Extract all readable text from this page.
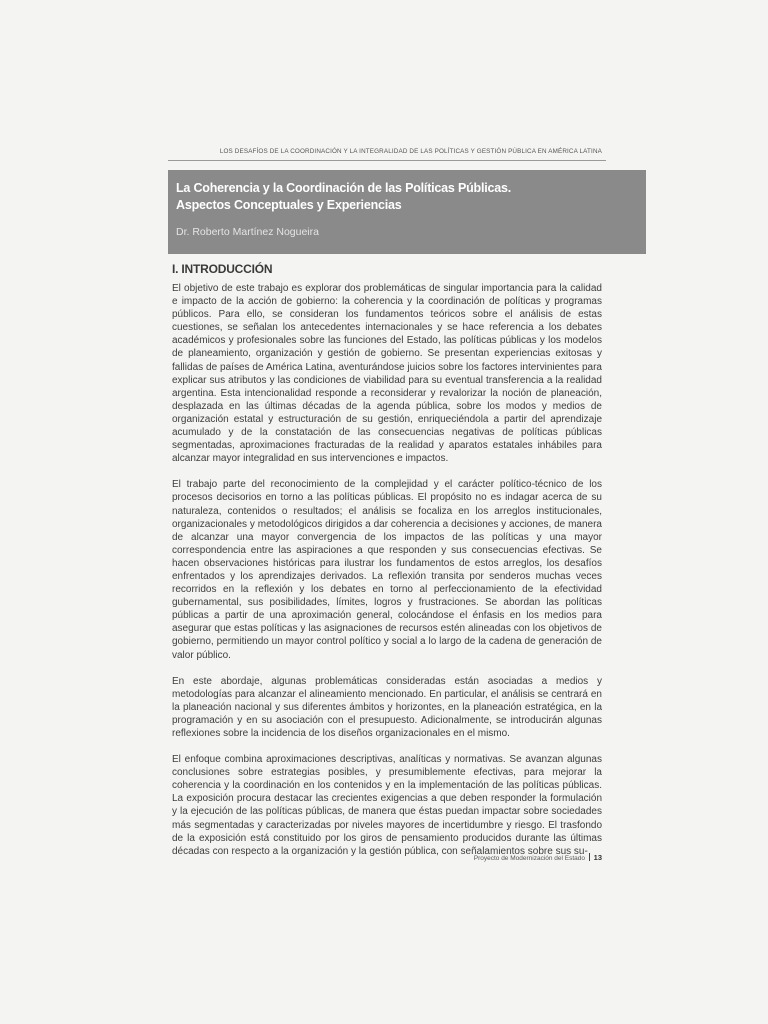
LOS DESAFÍOS DE LA COORDINACIÓN Y LA INTEGRALIDAD DE LAS POLÍTICAS Y GESTIÓN PÚBLICA EN AMÉRICA LATINA
La Coherencia y la Coordinación de las Políticas Públicas.
Aspectos Conceptuales y Experiencias
Dr. Roberto Martínez Nogueira
I. INTRODUCCIÓN

El objetivo de este trabajo es explorar dos problemáticas de singular importancia para la calidad e impacto de la acción de gobierno: la coherencia y la coordinación de políticas y programas públicos. Para ello, se consideran los fundamentos teóricos sobre el análisis de estas cuestiones, se señalan los antecedentes internacionales y se hace referencia a los debates académicos y profesionales sobre las funciones del Estado, las políticas públicas y los modelos de planeamiento, organización y gestión de gobierno. Se presentan experiencias exitosas y fallidas de países de América Latina, aventurándose juicios sobre los factores intervinientes para explicar sus atributos y las condiciones de viabilidad para su eventual transferencia a la realidad argentina. Esta intencionalidad responde a reconsiderar y revalorizar la noción de planeación, desplazada en las últimas décadas de la agenda pública, sobre los modos y medios de organización estatal y estructuración de su gestión, enriqueciéndola a partir del aprendizaje acumulado y de la constatación de las consecuencias negativas de políticas públicas segmentadas, aproximaciones fracturadas de la realidad y aparatos estatales inhábiles para alcanzar mayor integralidad en sus intervenciones e impactos.

El trabajo parte del reconocimiento de la complejidad y el carácter político-técnico de los procesos decisorios en torno a las políticas públicas. El propósito no es indagar acerca de su naturaleza, contenidos o resultados; el análisis se focaliza en los arreglos institucionales, organizacionales y metodológicos dirigidos a dar coherencia a decisiones y acciones, de manera de alcanzar una mayor convergencia de los impactos de las políticas y una mayor correspondencia entre las aspiraciones a que responden y sus consecuencias efectivas. Se hacen observaciones históricas para ilustrar los fundamentos de estos arreglos, los desafíos enfrentados y los aprendizajes derivados. La reflexión transita por senderos muchas veces recorridos en la reflexión y los debates en torno al perfeccionamiento de la efectividad gubernamental, sus posibilidades, límites, logros y frustraciones. Se abordan las políticas públicas a partir de una aproximación general, colocándose el énfasis en los medios para asegurar que estas políticas y las asignaciones de recursos estén alineadas con los objetivos de gobierno, permitiendo un mayor control político y social a lo largo de la cadena de generación de valor público.

En este abordaje, algunas problemáticas consideradas están asociadas a medios y metodologías para alcanzar el alineamiento mencionado. En particular, el análisis se centrará en la planeación nacional y sus diferentes ámbitos y horizontes, en la planeación estratégica, en la programación y en su asociación con el presupuesto. Adicionalmente, se introducirán algunas reflexiones sobre la incidencia de los diseños organizacionales en el mismo.

El enfoque combina aproximaciones descriptivas, analíticas y normativas. Se avanzan algunas conclusiones sobre estrategias posibles, y presumiblemente efectivas, para mejorar la coherencia y la coordinación en los contenidos y en la implementación de las políticas públicas. La exposición procura destacar las crecientes exigencias a que deben responder la formulación y la ejecución de las políticas públicas, de manera que éstas puedan impactar sobre sociedades más segmentadas y caracterizadas por niveles mayores de incertidumbre y riesgo. El trasfondo de la exposición está constituido por los giros de pensamiento producidos durante las últimas décadas con respecto a la organización y la gestión pública, con señalamientos sobre sus su-

Proyecto de Modernización del Estado 13
